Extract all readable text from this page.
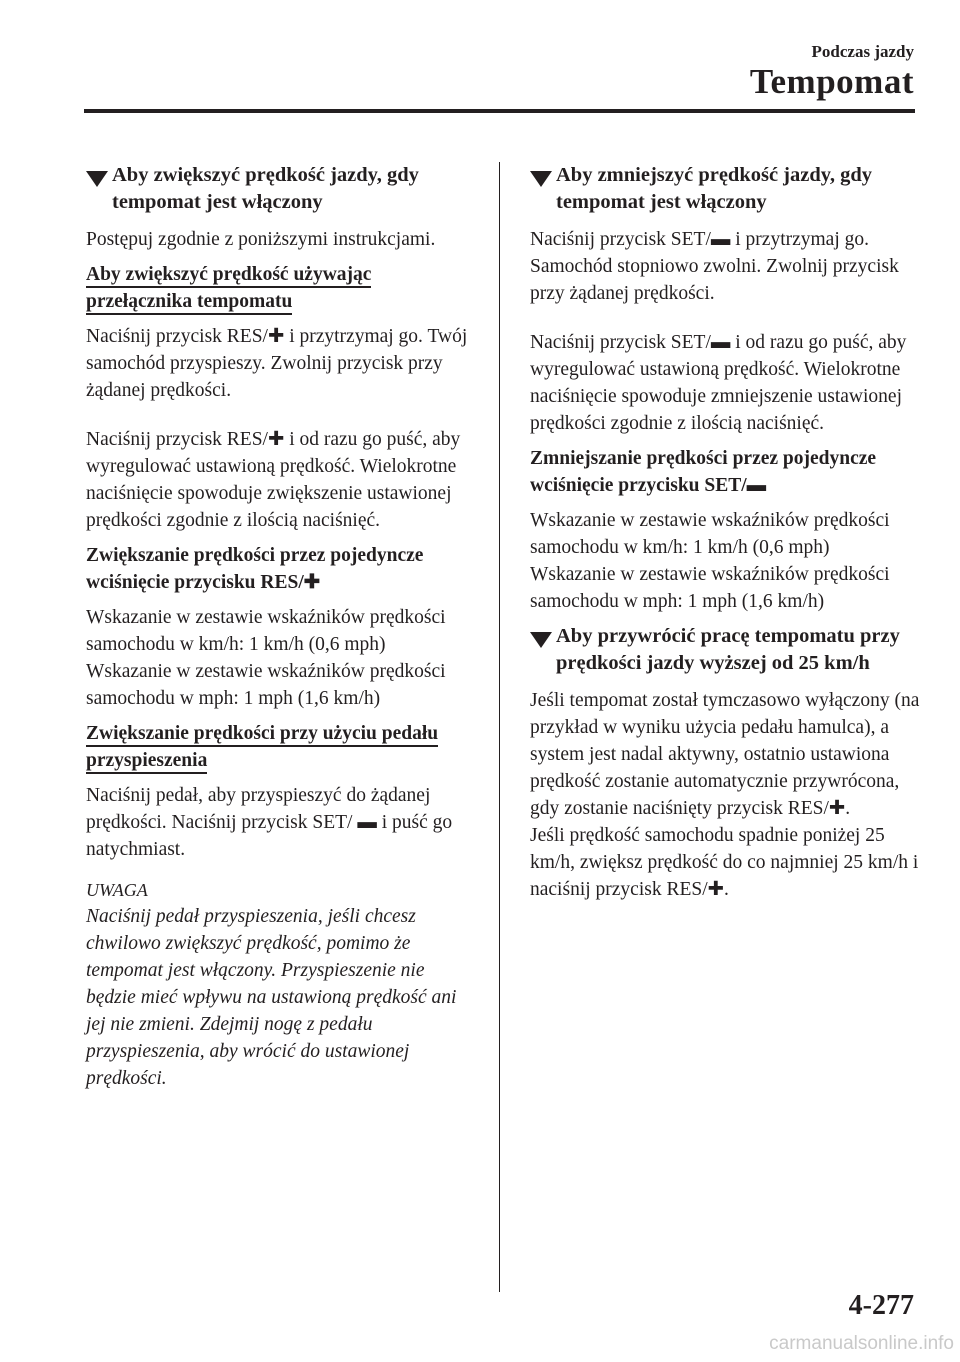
Podczas jazdy
Tempomat
Aby zwiększyć prędkość jazdy, gdy tempomat jest włączony

Postępuj zgodnie z poniższymi instrukcjami.

Aby zwiększyć prędkość używając przełącznika tempomatu

Naciśnij przycisk RES/✚ i przytrzymaj go. Twój samochód przyspieszy. Zwolnij przycisk przy żądanej prędkości.

Naciśnij przycisk RES/✚ i od razu go puść, aby wyregulować ustawioną prędkość. Wielokrotne naciśnięcie spowoduje zwiększenie ustawionej prędkości zgodnie z ilością naciśnięć.

Zwiększanie prędkości przez pojedyncze wciśnięcie przycisku RES/✚

Wskazanie w zestawie wskaźników prędkości samochodu w km/h: 1 km/h (0,6 mph)

Wskazanie w zestawie wskaźników prędkości samochodu w mph: 1 mph (1,6 km/h)

Zwiększanie prędkości przy użyciu pedału przyspieszenia

Naciśnij pedał, aby przyspieszyć do żądanej prędkości. Naciśnij przycisk SET/ ▬ i puść go natychmiast.

UWAGA

Naciśnij pedał przyspieszenia, jeśli chcesz chwilowo zwiększyć prędkość, pomimo że tempomat jest włączony. Przyspieszenie nie będzie mieć wpływu na ustawioną prędkość ani jej nie zmieni. Zdejmij nogę z pedału przyspieszenia, aby wrócić do ustawionej prędkości.

Aby zmniejszyć prędkość jazdy, gdy tempomat jest włączony

Naciśnij przycisk SET/▬ i przytrzymaj go. Samochód stopniowo zwolni. Zwolnij przycisk przy żądanej prędkości.

Naciśnij przycisk SET/▬ i od razu go puść, aby wyregulować ustawioną prędkość. Wielokrotne naciśnięcie spowoduje zmniejszenie ustawionej prędkości zgodnie z ilością naciśnięć.

Zmniejszanie prędkości przez pojedyncze wciśnięcie przycisku SET/▬

Wskazanie w zestawie wskaźników prędkości samochodu w km/h: 1 km/h (0,6 mph)

Wskazanie w zestawie wskaźników prędkości samochodu w mph: 1 mph (1,6 km/h)

Aby przywrócić pracę tempomatu przy prędkości jazdy wyższej od 25 km/h

Jeśli tempomat został tymczasowo wyłączony (na przykład w wyniku użycia pedału hamulca), a system jest nadal aktywny, ostatnio ustawiona prędkość zostanie automatycznie przywrócona, gdy zostanie naciśnięty przycisk RES/✚.

Jeśli prędkość samochodu spadnie poniżej 25 km/h, zwiększ prędkość do co najmniej 25 km/h i naciśnij przycisk RES/✚.

4-277
carmanualsonline.info
